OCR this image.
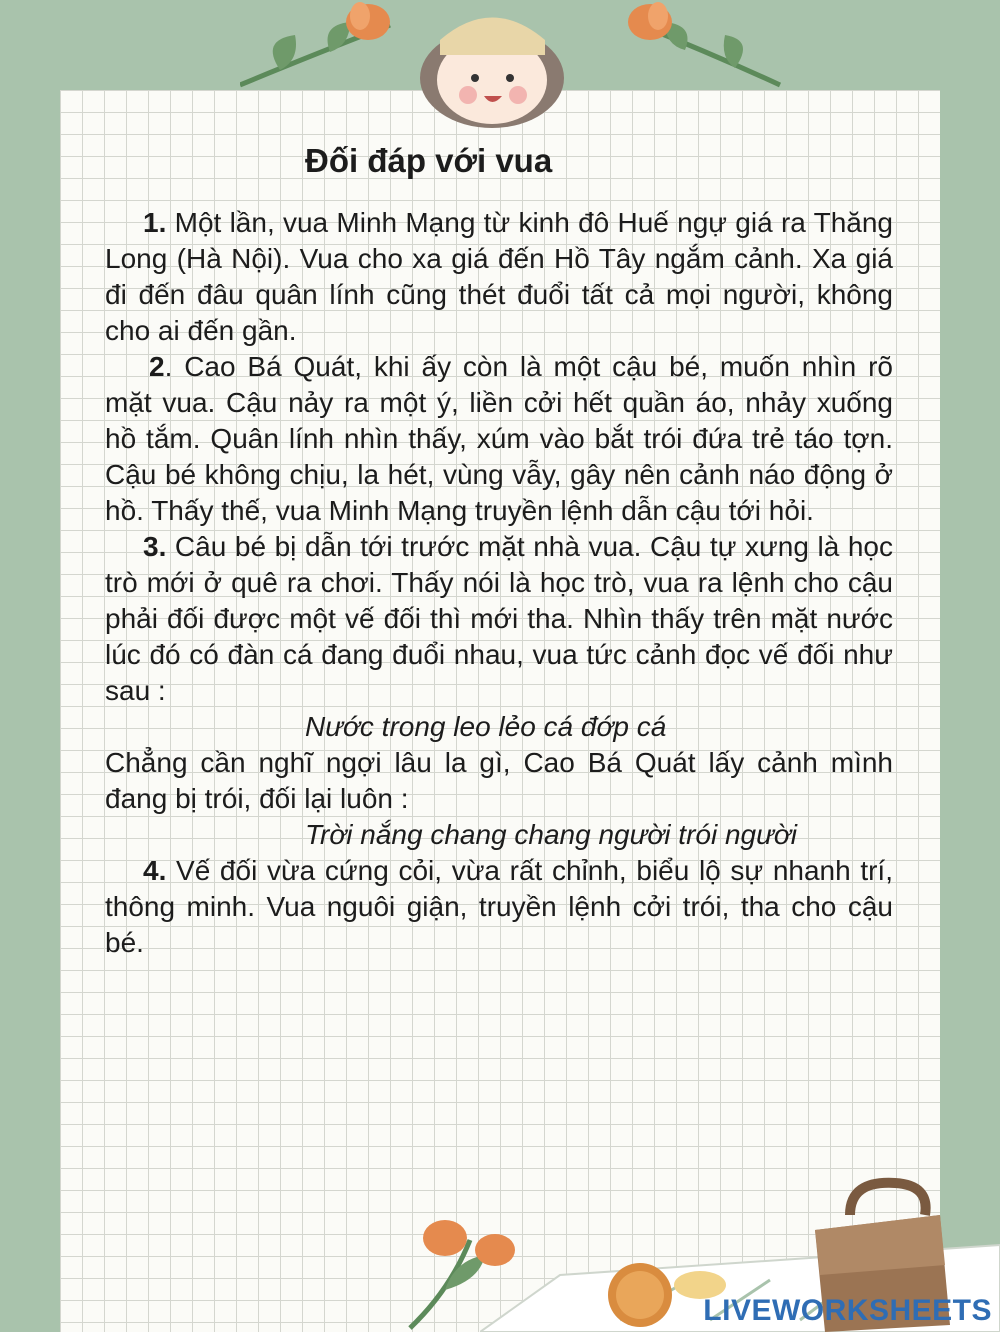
Đối đáp với vua

1. Một lần, vua Minh Mạng từ kinh đô Huế ngự giá ra Thăng Long (Hà Nội). Vua cho xa giá đến Hồ Tây ngắm cảnh. Xa giá đi đến đâu quân lính cũng thét đuổi tất cả mọi người, không cho ai đến gần.

2. Cao Bá Quát, khi ấy còn là một cậu bé, muốn nhìn rõ mặt vua. Cậu nảy ra một ý, liền cởi hết quần áo, nhảy xuống hồ tắm. Quân lính nhìn thấy, xúm vào bắt trói đứa trẻ táo tợn. Cậu bé không chịu, la hét, vùng vẫy, gây nên cảnh náo động ở hồ. Thấy thế, vua Minh Mạng truyền lệnh dẫn cậu tới hỏi.

3. Câu bé bị dẫn tới trước mặt nhà vua. Cậu tự xưng là học trò mới ở quê ra chơi. Thấy nói là học trò, vua ra lệnh cho cậu phải đối được một vế đối thì mới tha. Nhìn thấy trên mặt nước lúc đó có đàn cá đang đuổi nhau, vua tức cảnh đọc vế đối như sau :

Nước trong leo lẻo cá đớp cá

Chẳng cần nghĩ ngợi lâu la gì, Cao Bá Quát lấy cảnh mình đang bị trói, đối lại luôn :

Trời nắng chang chang người trói người

4. Vế đối vừa cứng cỏi, vừa rất chỉnh, biểu lộ sự nhanh trí, thông minh. Vua nguôi giận, truyền lệnh cởi trói, tha cho cậu bé.

LIVEWORKSHEETS
